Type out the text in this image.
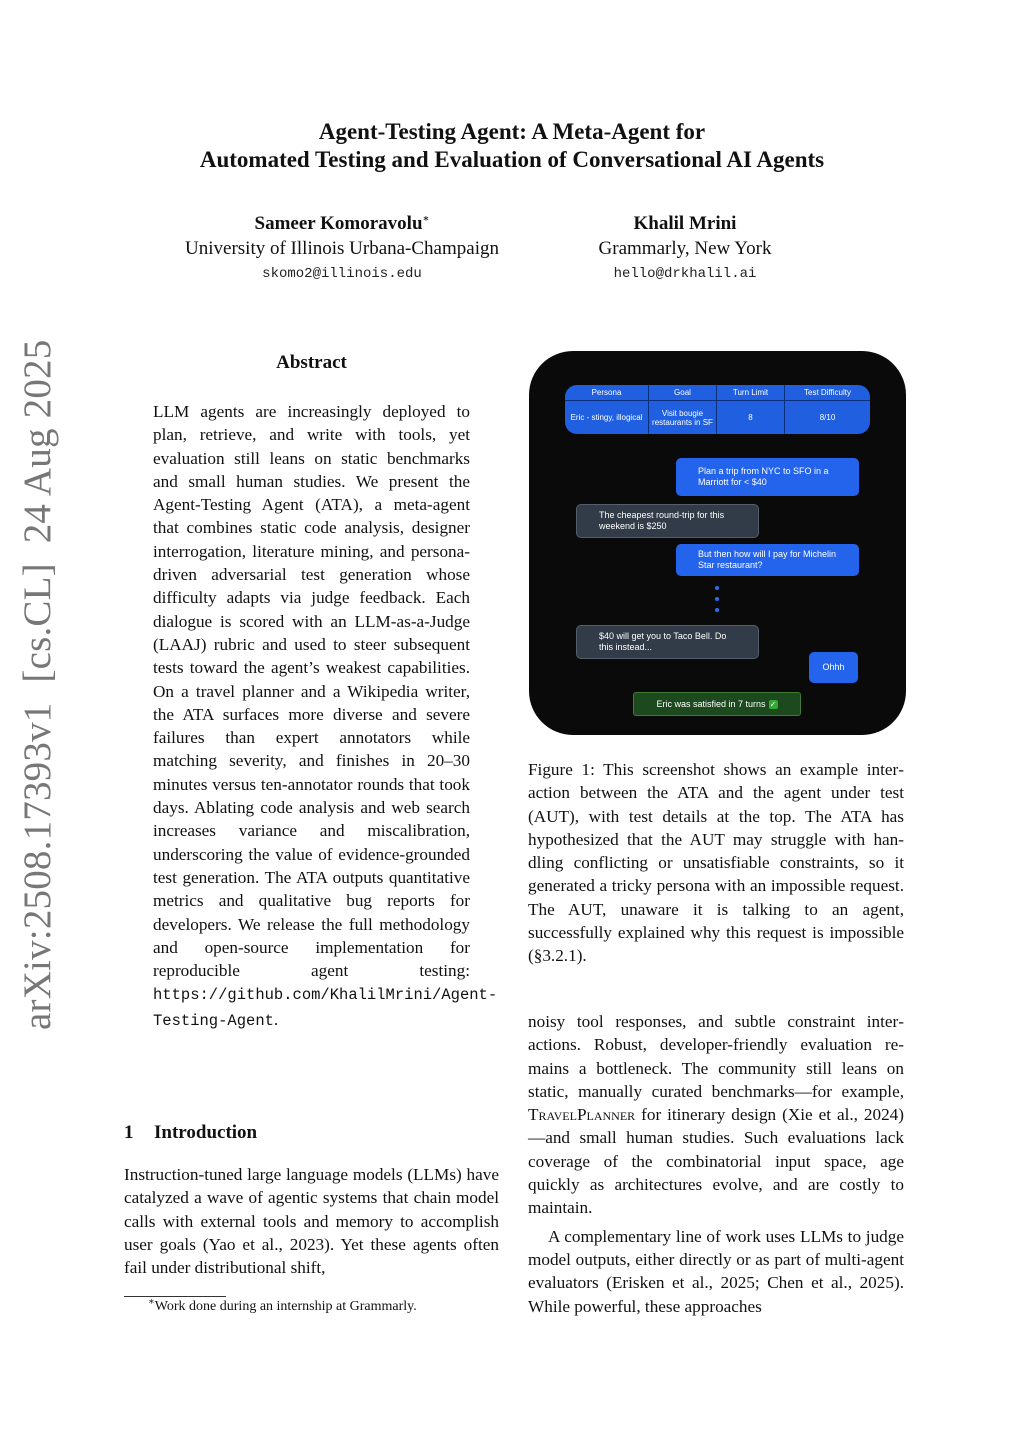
Agent-Testing Agent: A Meta-Agent for
Automated Testing and Evaluation of Conversational AI Agents
Sameer Komoravolu∗
University of Illinois Urbana-Champaign
skomo2@illinois.edu
Khalil Mrini
Grammarly, New York
hello@drkhalil.ai
arXiv:2508.17393v1  [cs.CL]  24 Aug 2025	Abstract
LLM agents are increasingly deployed to plan, retrieve, and write with tools, yet evaluation still leans on static benchmarks and small human studies. We present the Agent-Testing Agent (ATA), a meta-agent that combines static code analysis, designer interrogation, literature mining, and persona-driven adversarial test generation whose difficulty adapts via judge feedback. Each dialogue is scored with an LLM-as-a-Judge (LAAJ) rubric and used to steer subsequent tests toward the agent’s weakest capabilities. On a travel planner and a Wikipedia writer, the ATA surfaces more diverse and severe failures than expert annotators while matching severity, and finishes in 20–30 minutes versus ten-annotator rounds that took days. Ablating code analysis and web search increases variance and miscalibration, underscoring the value of evidence-grounded test generation. The ATA outputs quantitative metrics and qualitative bug reports for developers. We release the full methodology and open-source implementation for reproducible agent testing: https://github.com/KhalilMrini/Agent-Testing-Agent.
1 Introduction
Instruction-tuned large language models (LLMs) have catalyzed a wave of agentic systems that chain model calls with external tools and memory to accomplish user goals (Yao et al., 2023). Yet these agents often fail under distributional shift,
∗Work done during an internship at Grammarly.
Persona	Goal	Turn Limit	Test Difficulty
Eric - stingy, illogical	Visit bougie restaurants in SF	8	8/10
Plan a trip from NYC to SFO in a Marriott for < $40
The cheapest round-trip for this weekend is $250
But then how will I pay for Michelin Star restaurant?
$40 will get you to Taco Bell. Do this instead...
Ohhh
Eric was satisfied in 7 turns ✓
Figure 1: This screenshot shows an example interaction between the ATA and the agent under test (AUT), with test details at the top. The ATA has hypothesized that the AUT may struggle with handling conflicting or unsatisfiable constraints, so it generated a tricky persona with an impossible request. The AUT, unaware it is talking to an agent, successfully explained why this request is impossible (§3.2.1).
noisy tool responses, and subtle constraint interactions. Robust, developer-friendly evaluation remains a bottleneck. The community still leans on static, manually curated benchmarks—for example, TravelPlanner for itinerary design (Xie et al., 2024)—and small human studies. Such evaluations lack coverage of the combinatorial input space, age quickly as architectures evolve, and are costly to maintain.
A complementary line of work uses LLMs to judge model outputs, either directly or as part of multi-agent evaluators (Erisken et al., 2025; Chen et al., 2025). While powerful, these approaches
